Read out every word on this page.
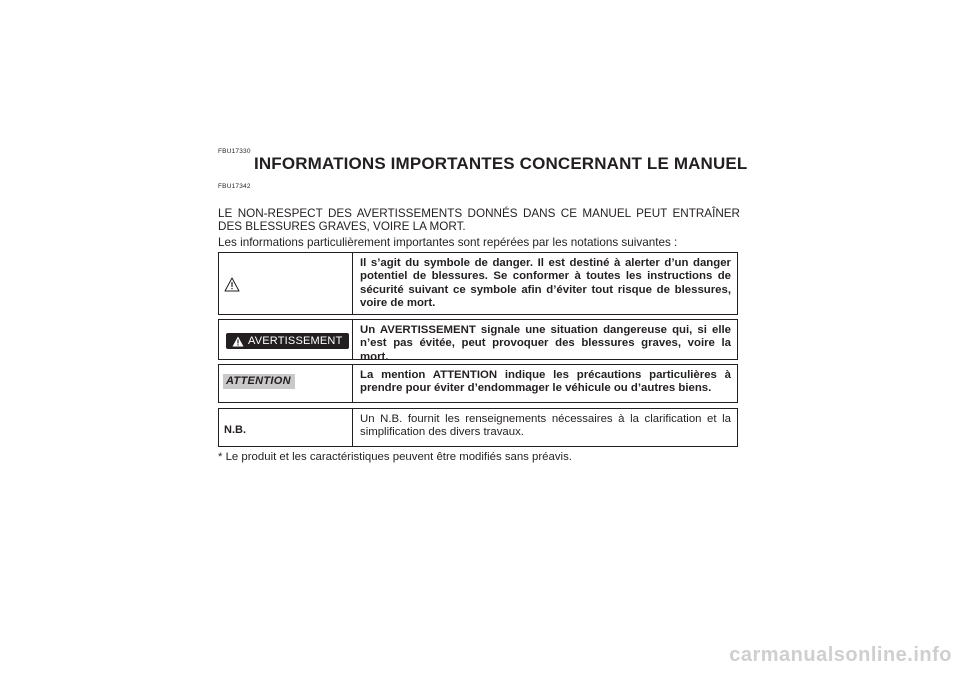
FBU17330
INFORMATIONS IMPORTANTES CONCERNANT LE MANUEL
FBU17342
LE NON-RESPECT DES AVERTISSEMENTS DONNÉS DANS CE MANUEL PEUT ENTRAÎNER DES BLESSURES GRAVES, VOIRE LA MORT.
Les informations particulièrement importantes sont repérées par les notations suivantes :
Il s’agit du symbole de danger. Il est destiné à alerter d’un danger potentiel de blessures. Se conformer à toutes les instructions de sécurité suivant ce symbole afin d’éviter tout risque de blessures, voire de mort.
AVERTISSEMENT
Un AVERTISSEMENT signale une situation dangereuse qui, si elle n’est pas évitée, peut provoquer des blessures graves, voire la mort.
ATTENTION	La mention ATTENTION indique les précautions particulières à prendre pour éviter d’endommager le véhicule ou d’autres biens.
N.B.
Un N.B. fournit les renseignements nécessaires à la clarification et la simplification des divers travaux.
* Le produit et les caractéristiques peuvent être modifiés sans préavis.
carmanualsonline.info
